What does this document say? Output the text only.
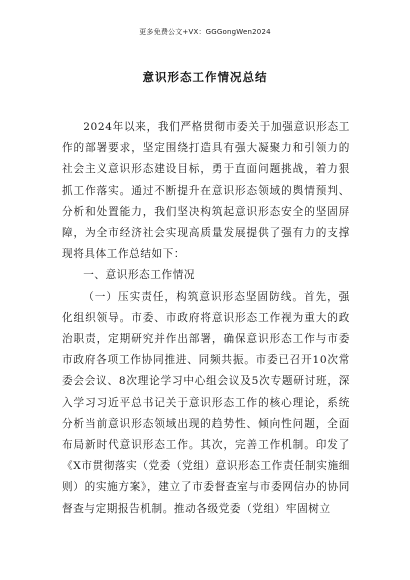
更多免费公文+VX：GGGongWen2024
意识形态工作情况总结

2024年以来，我们严格贯彻市委关于加强意识形态工作的部署要求，坚定围绕打造具有强大凝聚力和引领力的社会主义意识形态建设目标，勇于直面问题挑战，着力狠抓工作落实。通过不断提升在意识形态领域的舆情预判、分析和处置能力，我们坚决构筑起意识形态安全的坚固屏障，为全市经济社会实现高质量发展提供了强有力的支撑现将具体工作总结如下：

一、意识形态工作情况

（一）压实责任，构筑意识形态坚固防线。首先，强化组织领导。市委、市政府将意识形态工作视为重大的政治职责，定期研究并作出部署，确保意识形态工作与市委市政府各项工作协同推进、同频共振。市委已召开10次常委会会议、8次理论学习中心组会议及5次专题研讨班，深入学习习近平总书记关于意识形态工作的核心理论，系统分析当前意识形态领域出现的趋势性、倾向性问题，全面布局新时代意识形态工作。其次，完善工作机制。印发了《X市贯彻落实（党委（党组）意识形态工作责任制实施细则）的实施方案》，建立了市委督查室与市委网信办的协同督查与定期报告机制。推动各级党委（党组）牢固树立
